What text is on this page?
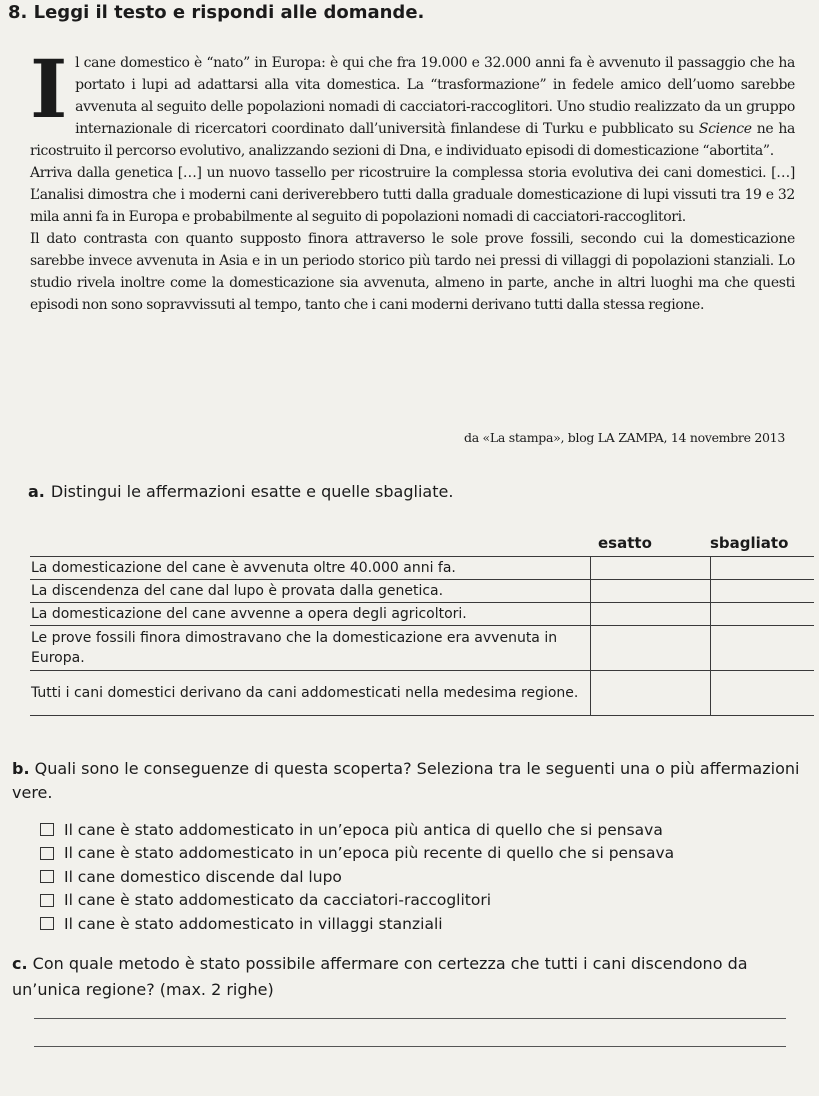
8. Leggi il testo e rispondi alle domande.

Il cane domestico è “nato” in Europa: è qui che fra 19.000 e 32.000 anni fa è avvenuto il passaggio che ha portato i lupi ad adattarsi alla vita domestica. La “trasformazione” in fedele amico dell’uomo sarebbe avvenuta al seguito delle popolazioni nomadi di cacciatori-raccoglitori. Uno studio realizzato da un gruppo internazionale di ricercatori coordinato dall’università finlandese di Turku e pubblicato su Science ne ha ricostruito il percorso evolutivo, analizzando sezioni di Dna, e individuato episodi di domesticazione “abortita”.

Arriva dalla genetica […] un nuovo tassello per ricostruire la complessa storia evolutiva dei cani domestici. […] L’analisi dimostra che i moderni cani deriverebbero tutti dalla graduale domesticazione di lupi vissuti tra 19 e 32 mila anni fa in Europa e probabilmente al seguito di popolazioni nomadi di cacciatori-raccoglitori.

Il dato contrasta con quanto supposto finora attraverso le sole prove fossili, secondo cui la domesticazione sarebbe invece avvenuta in Asia e in un periodo storico più tardo nei pressi di villaggi di popolazioni stanziali. Lo studio rivela inoltre come la domesticazione sia avvenuta, almeno in parte, anche in altri luoghi ma che questi episodi non sono sopravvissuti al tempo, tanto che i cani moderni derivano tutti dalla stessa regione.

da «La stampa», blog LA ZAMPA, 14 novembre 2013
a. Distingui le affermazioni esatte e quelle sbagliate.
	esatto	sbagliato
La domesticazione del cane è avvenuta oltre 40.000 anni fa.		
La discendenza del cane dal lupo è provata dalla genetica.		
La domesticazione del cane avvenne a opera degli agricoltori.		
Le prove fossili finora dimostravano che la domesticazione era avvenuta in Europa.		
Tutti i cani domestici derivano da cani addomesticati nella medesima regione.		
b. Quali sono le conseguenze di questa scoperta? Seleziona tra le seguenti una o più affermazioni vere.
Il cane è stato addomesticato in un’epoca più antica di quello che si pensava
Il cane è stato addomesticato in un’epoca più recente di quello che si pensava
Il cane domestico discende dal lupo
Il cane è stato addomesticato da cacciatori-raccoglitori
Il cane è stato addomesticato in villaggi stanziali
c. Con quale metodo è stato possibile affermare con certezza che tutti i cani discendono da un’unica regione? (max. 2 righe)
